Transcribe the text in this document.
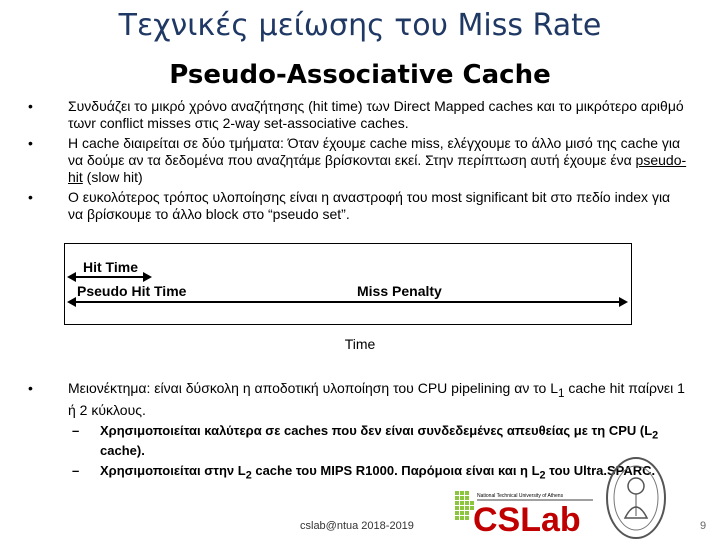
Τεχνικές μείωσης του Miss Rate
Pseudo-Associative Cache
• Συνδυάζει το μικρό χρόνο αναζήτησης (hit time) των Direct Mapped caches και το μικρότερο αριθμό τωνr conflict misses στις 2-way set-associative caches.
• Η cache διαιρείται σε δύο τμήματα: Όταν έχουμε cache miss, ελέγχουμε το άλλο μισό της cache για να δούμε αν τα δεδομένα που αναζητάμε βρίσκονται εκεί. Στην περίπτωση αυτή έχουμε ένα pseudo-hit (slow hit)
• Ο ευκολότερος τρόπος υλοποίησης είναι η αναστροφή του most significant bit στο πεδίο index για να βρίσκουμε το άλλο block στο “pseudo set”.
Hit Time
Pseudo Hit Time	Miss Penalty
Time
• Μειονέκτημα: είναι δύσκολη η αποδοτική υλοποίηση του CPU pipelining αν το $L_1$ cache hit παίρνει 1 ή 2 κύκλους.
– Χρησιμοποιείται καλύτερα σε caches που δεν είναι συνδεδεμένες απευθείας με τη CPU ($L_2$ cache).
– Χρησιμοποιείται στην $L_2$ cache του MIPS R1000. Παρόμοια είναι και η $L_2$ του Ultra.SPARC.
National Technical University of Athens
CSLab
cslab@ntua 2018-2019	9
